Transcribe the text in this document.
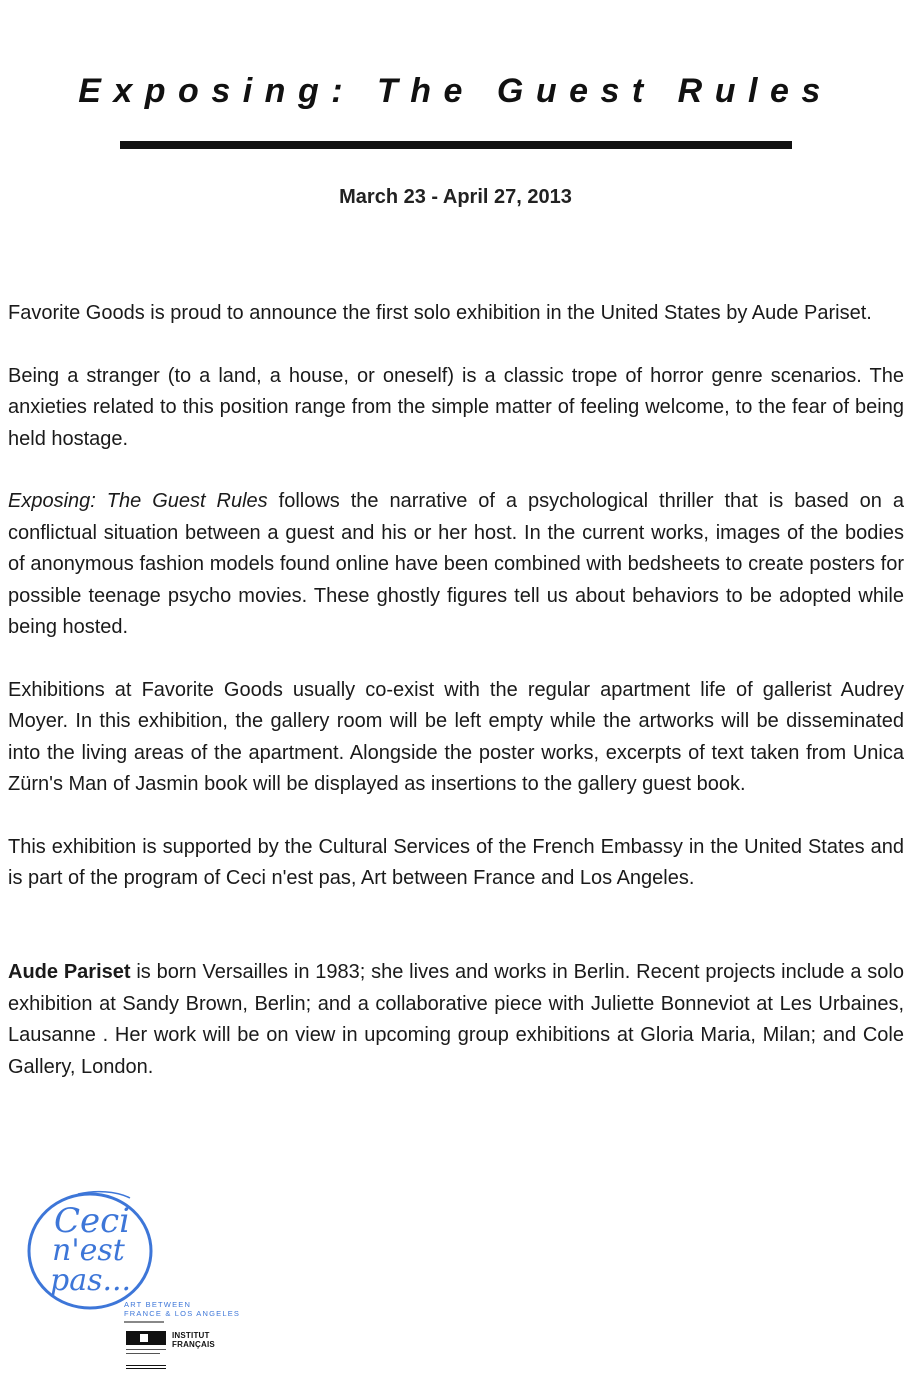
Exposing: The Guest Rules
March 23 - April 27, 2013

Favorite Goods is proud to announce the first solo exhibition in the United States by Aude Pariset.

Being a stranger (to a land, a house, or oneself) is a classic trope of horror genre scenarios. The anxieties related to this position range from the simple matter of feeling welcome, to the fear of being held hostage.

Exposing: The Guest Rules follows the narrative of a psychological thriller that is based on a conflictual situation between a guest and his or her host. In the current works, images of the bodies of anonymous fashion models found online have been combined with bedsheets to create posters for possible teenage psycho movies. These ghostly figures tell us about behaviors to be adopted while being hosted.

Exhibitions at Favorite Goods usually co-exist with the regular apartment life of gallerist Audrey Moyer. In this exhibition, the gallery room will be left empty while the artworks will be disseminated into the living areas of the apartment. Alongside the poster works, excerpts of text taken from Unica Zürn's Man of Jasmin book will be displayed as insertions to the gallery guest book.

This exhibition is supported by the Cultural Services of the French Embassy in the United States and is part of the program of Ceci n'est pas, Art between France and Los Angeles.

Aude Pariset is born Versailles in 1983; she lives and works in Berlin. Recent projects include a solo exhibition at Sandy Brown, Berlin; and a collaborative piece with Juliette Bonneviot at Les Urbaines, Lausanne . Her work will be on view in upcoming group exhibitions at Gloria Maria, Milan; and Cole Gallery, London.

Ceci
n'est
pas...
ART BETWEEN
FRANCE & LOS ANGELES
INSTITUT
FRANÇAIS
